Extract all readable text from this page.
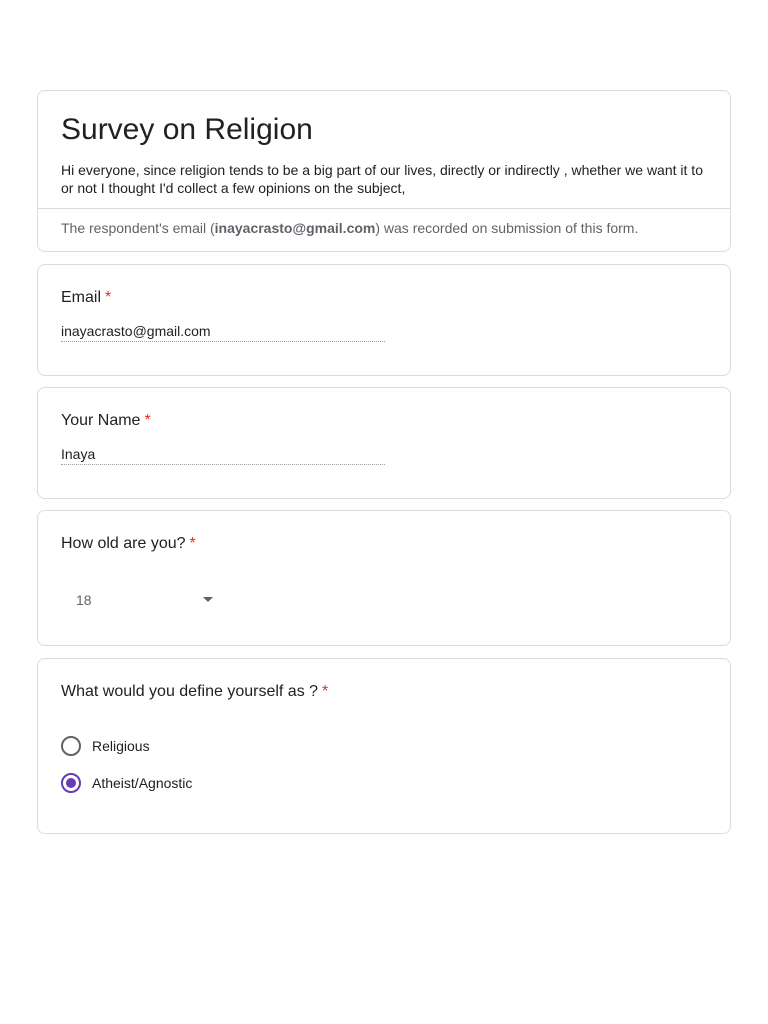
Survey on Religion
Hi everyone, since religion tends to be a big part of our lives, directly or indirectly , whether we want it to or not I thought I'd collect a few opinions on the subject,
The respondent's email (inayacrasto@gmail.com) was recorded on submission of this form.
Email *
inayacrasto@gmail.com
Your Name *
Inaya
How old are you? *
18
What would you define yourself as ? *
Religious
Atheist/Agnostic
